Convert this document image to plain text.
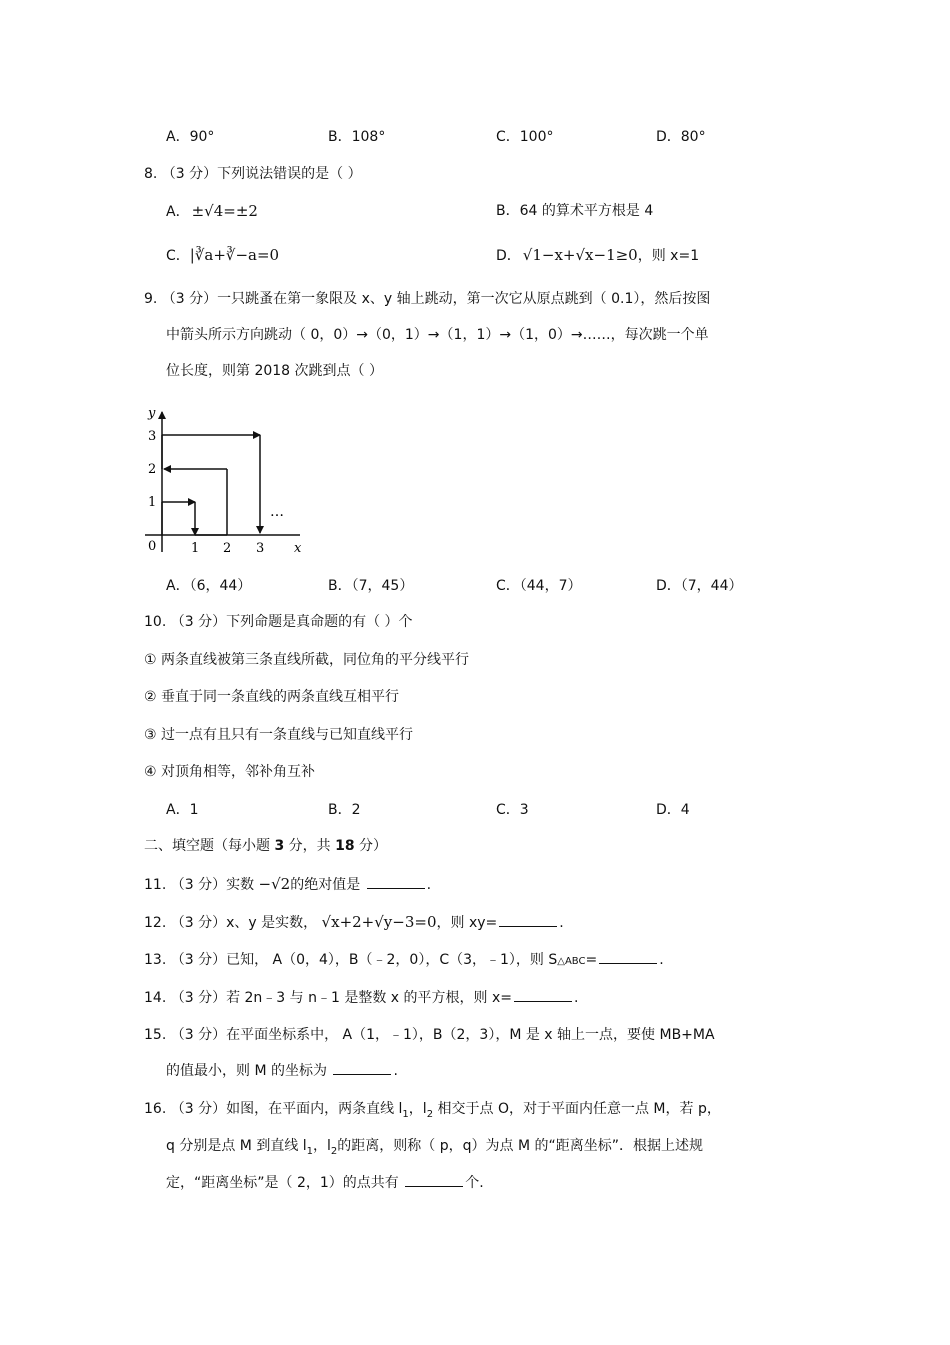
A．90°	B．108°	C．100°	D．80°
8. （3 分）下列说法错误的是（ ）
A． ±√4=±2	B．64 的算术平方根是 4
C．|∛a+∛−a=0	D． √1−x+√x−1≥0，则 x=1
9. （3 分）一只跳蚤在第一象限及 x、y 轴上跳动，第一次它从原点跳到（ 0.1），然后按图
中箭头所示方向跳动（ 0，0）→（0，1）→（1，1）→（1，0）→……，每次跳一个单
位长度，则第 2018 次跳到点（ ）
y
x
0	1 2 3
1
2
3
…
A．（6，44）	B．（7，45）	C．（44，7）	D．（7，44）
10. （3 分）下列命题是真命题的有（ ）个
① 两条直线被第三条直线所截，同位角的平分线平行
② 垂直于同一条直线的两条直线互相平行
③ 过一点有且只有一条直线与已知直线平行
④ 对顶角相等，邻补角互补
A．1	B．2	C．3	D．4
二、填空题（每小题 3 分，共 18 分）
11. （3 分）实数 −√2的绝对值是	.
12. （3 分）x、y 是实数， √x+2+√y−3=0，则 xy=	.
13. （3 分）已知， A（0，4），B（﹣2，0），C（3，﹣1），则 S△ABC=	.
14. （3 分）若 2n﹣3 与 n﹣1 是整数 x 的平方根，则 x=	.
15. （3 分）在平面坐标系中， A（1，﹣1），B（2，3），M 是 x 轴上一点，要使 MB+MA
的值最小，则 M 的坐标为	.
16. （3 分）如图，在平面内，两条直线 $l_1$，$l_2$ 相交于点 O，对于平面内任意一点 M，若 p，
q 分别是点 M 到直线 $l_1$，$l_2$的距离，则称（ p，q）为点 M 的“距离坐标”．根据上述规
定，“距离坐标”是（ 2，1）的点共有	个.
